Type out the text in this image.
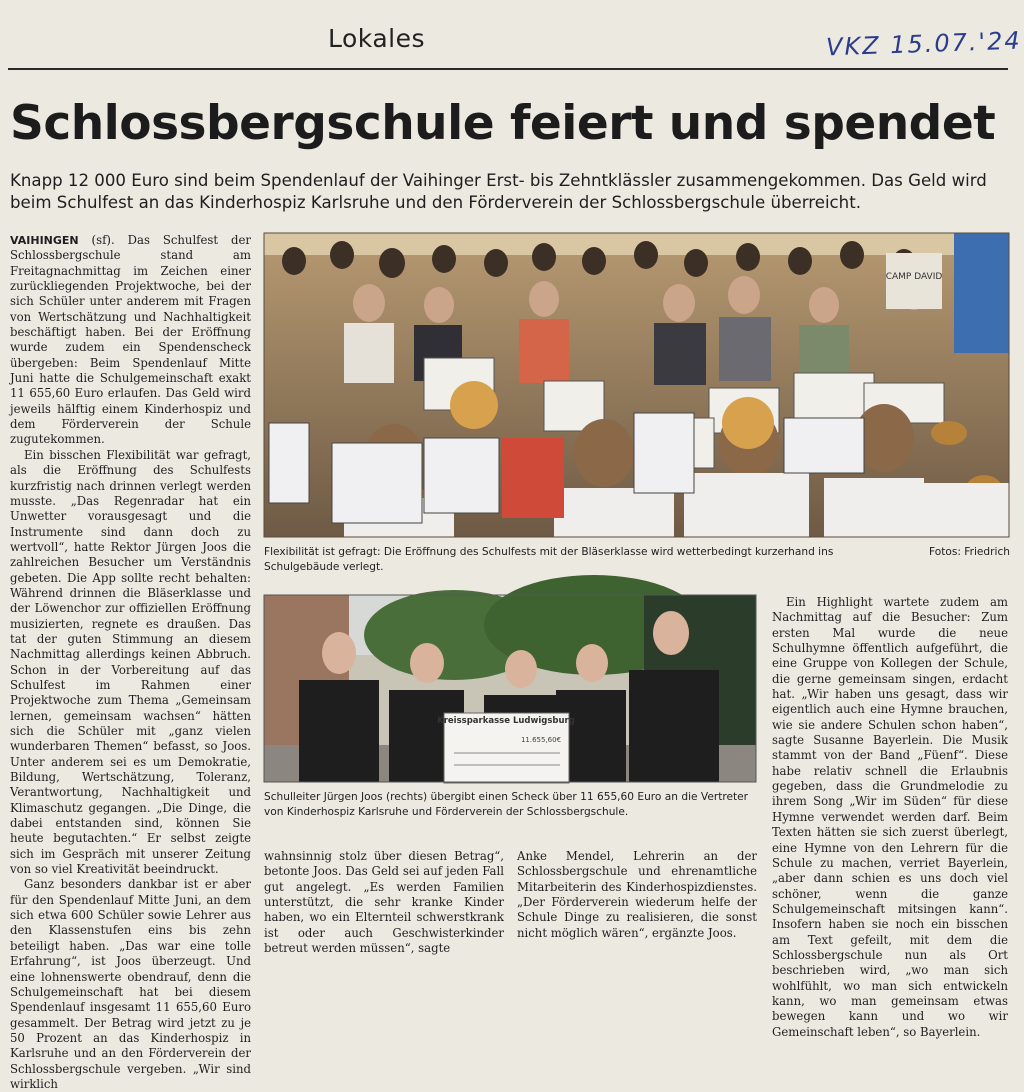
Lokales	VKZ 15.07.'24
Schlossbergschule feiert und spendet
Knapp 12 000 Euro sind beim Spendenlauf der Vaihinger Erst- bis Zehntklässler zusammengekommen. Das Geld wird beim Schulfest an das Kinderhospiz Karlsruhe und den Förderverein der Schlossbergschule überreicht.

VAIHINGEN (sf). Das Schulfest der Schlossbergschule stand am Freitagnachmittag im Zeichen einer zurückliegenden Projektwoche, bei der sich Schüler unter anderem mit Fragen von Wertschätzung und Nachhaltigkeit beschäftigt haben. Bei der Eröffnung wurde zudem ein Spendenscheck übergeben: Beim Spendenlauf Mitte Juni hatte die Schulgemeinschaft exakt 11 655,60 Euro erlaufen. Das Geld wird jeweils hälftig einem Kinderhospiz und dem Förderverein der Schule zugutekommen.

Ein bisschen Flexibilität war gefragt, als die Eröffnung des Schulfests kurzfristig nach drinnen verlegt werden musste. „Das Regenradar hat ein Unwetter vorausgesagt und die Instrumente sind dann doch zu wertvoll“, hatte Rektor Jürgen Joos die zahlreichen Besucher um Verständnis gebeten. Die App sollte recht behalten: Während drinnen die Bläserklasse und der Löwenchor zur offiziellen Eröffnung musizierten, regnete es draußen. Das tat der guten Stimmung an diesem Nachmittag allerdings keinen Abbruch. Schon in der Vorbereitung auf das Schulfest im Rahmen einer Projektwoche zum Thema „Gemeinsam lernen, gemeinsam wachsen“ hätten sich die Schüler mit „ganz vielen wunderbaren Themen“ befasst, so Joos. Unter anderem sei es um Demokratie, Bildung, Wertschätzung, Toleranz, Verantwortung, Nachhaltigkeit und Klimaschutz gegangen. „Die Dinge, die dabei entstanden sind, können Sie heute begutachten.“ Er selbst zeigte sich im Gespräch mit unserer Zeitung von so viel Kreativität beeindruckt.

Ganz besonders dankbar ist er aber für den Spendenlauf Mitte Juni, an dem sich etwa 600 Schüler sowie Lehrer aus den Klassenstufen eins bis zehn beteiligt haben. „Das war eine tolle Erfahrung“, ist Joos überzeugt. Und eine lohnenswerte obendrauf, denn die Schulgemeinschaft hat bei diesem Spendenlauf insgesamt 11 655,60 Euro gesammelt. Der Betrag wird jetzt zu je 50 Prozent an das Kinderhospiz in Karlsruhe und an den Förderverein der Schlossbergschule vergeben. „Wir sind wirklich

CAMP DAVID
Flexibilität ist gefragt: Die Eröffnung des Schulfests mit der Bläserklasse wird wetterbedingt kurzerhand ins Schulgebäude verlegt.
Fotos: Friedrich
Kreissparkasse Ludwigsburg
11.655,60€
Schulleiter Jürgen Joos (rechts) übergibt einen Scheck über 11 655,60 Euro an die Vertreter von Kinderhospiz Karlsruhe und Förderverein der Schlossbergschule.

wahnsinnig stolz über diesen Betrag“, betonte Joos. Das Geld sei auf jeden Fall gut angelegt. „Es werden Familien unterstützt, die sehr kranke Kinder haben, wo ein Elternteil schwerstkrank ist oder auch Geschwisterkinder betreut werden müssen“, sagte

Anke Mendel, Lehrerin an der Schlossbergschule und ehrenamtliche Mitarbeiterin des Kinderhospizdienstes. „Der Förderverein wiederum helfe der Schule Dinge zu realisieren, die sonst nicht möglich wären“, ergänzte Joos.

Ein Highlight wartete zudem am Nachmittag auf die Besucher: Zum ersten Mal wurde die neue Schulhymne öffentlich aufgeführt, die eine Gruppe von Kollegen der Schule, die gerne gemeinsam singen, erdacht hat. „Wir haben uns gesagt, dass wir eigentlich auch eine Hymne brauchen, wie sie andere Schulen schon haben“, sagte Susanne Bayerlein. Die Musik stammt von der Band „Füenf“. Diese habe relativ schnell die Erlaubnis gegeben, dass die Grundmelodie zu ihrem Song „Wir im Süden“ für diese Hymne verwendet werden darf. Beim Texten hätten sie sich zuerst überlegt, eine Hymne von den Lehrern für die Schule zu machen, verriet Bayerlein, „aber dann schien es uns doch viel schöner, wenn die ganze Schulgemeinschaft mitsingen kann“. Insofern haben sie noch ein bisschen am Text gefeilt, mit dem die Schlossbergschule nun als Ort beschrieben wird, „wo man sich wohlfühlt, wo man sich entwickeln kann, wo man gemeinsam etwas bewegen kann und wo wir Gemeinschaft leben“, so Bayerlein.
